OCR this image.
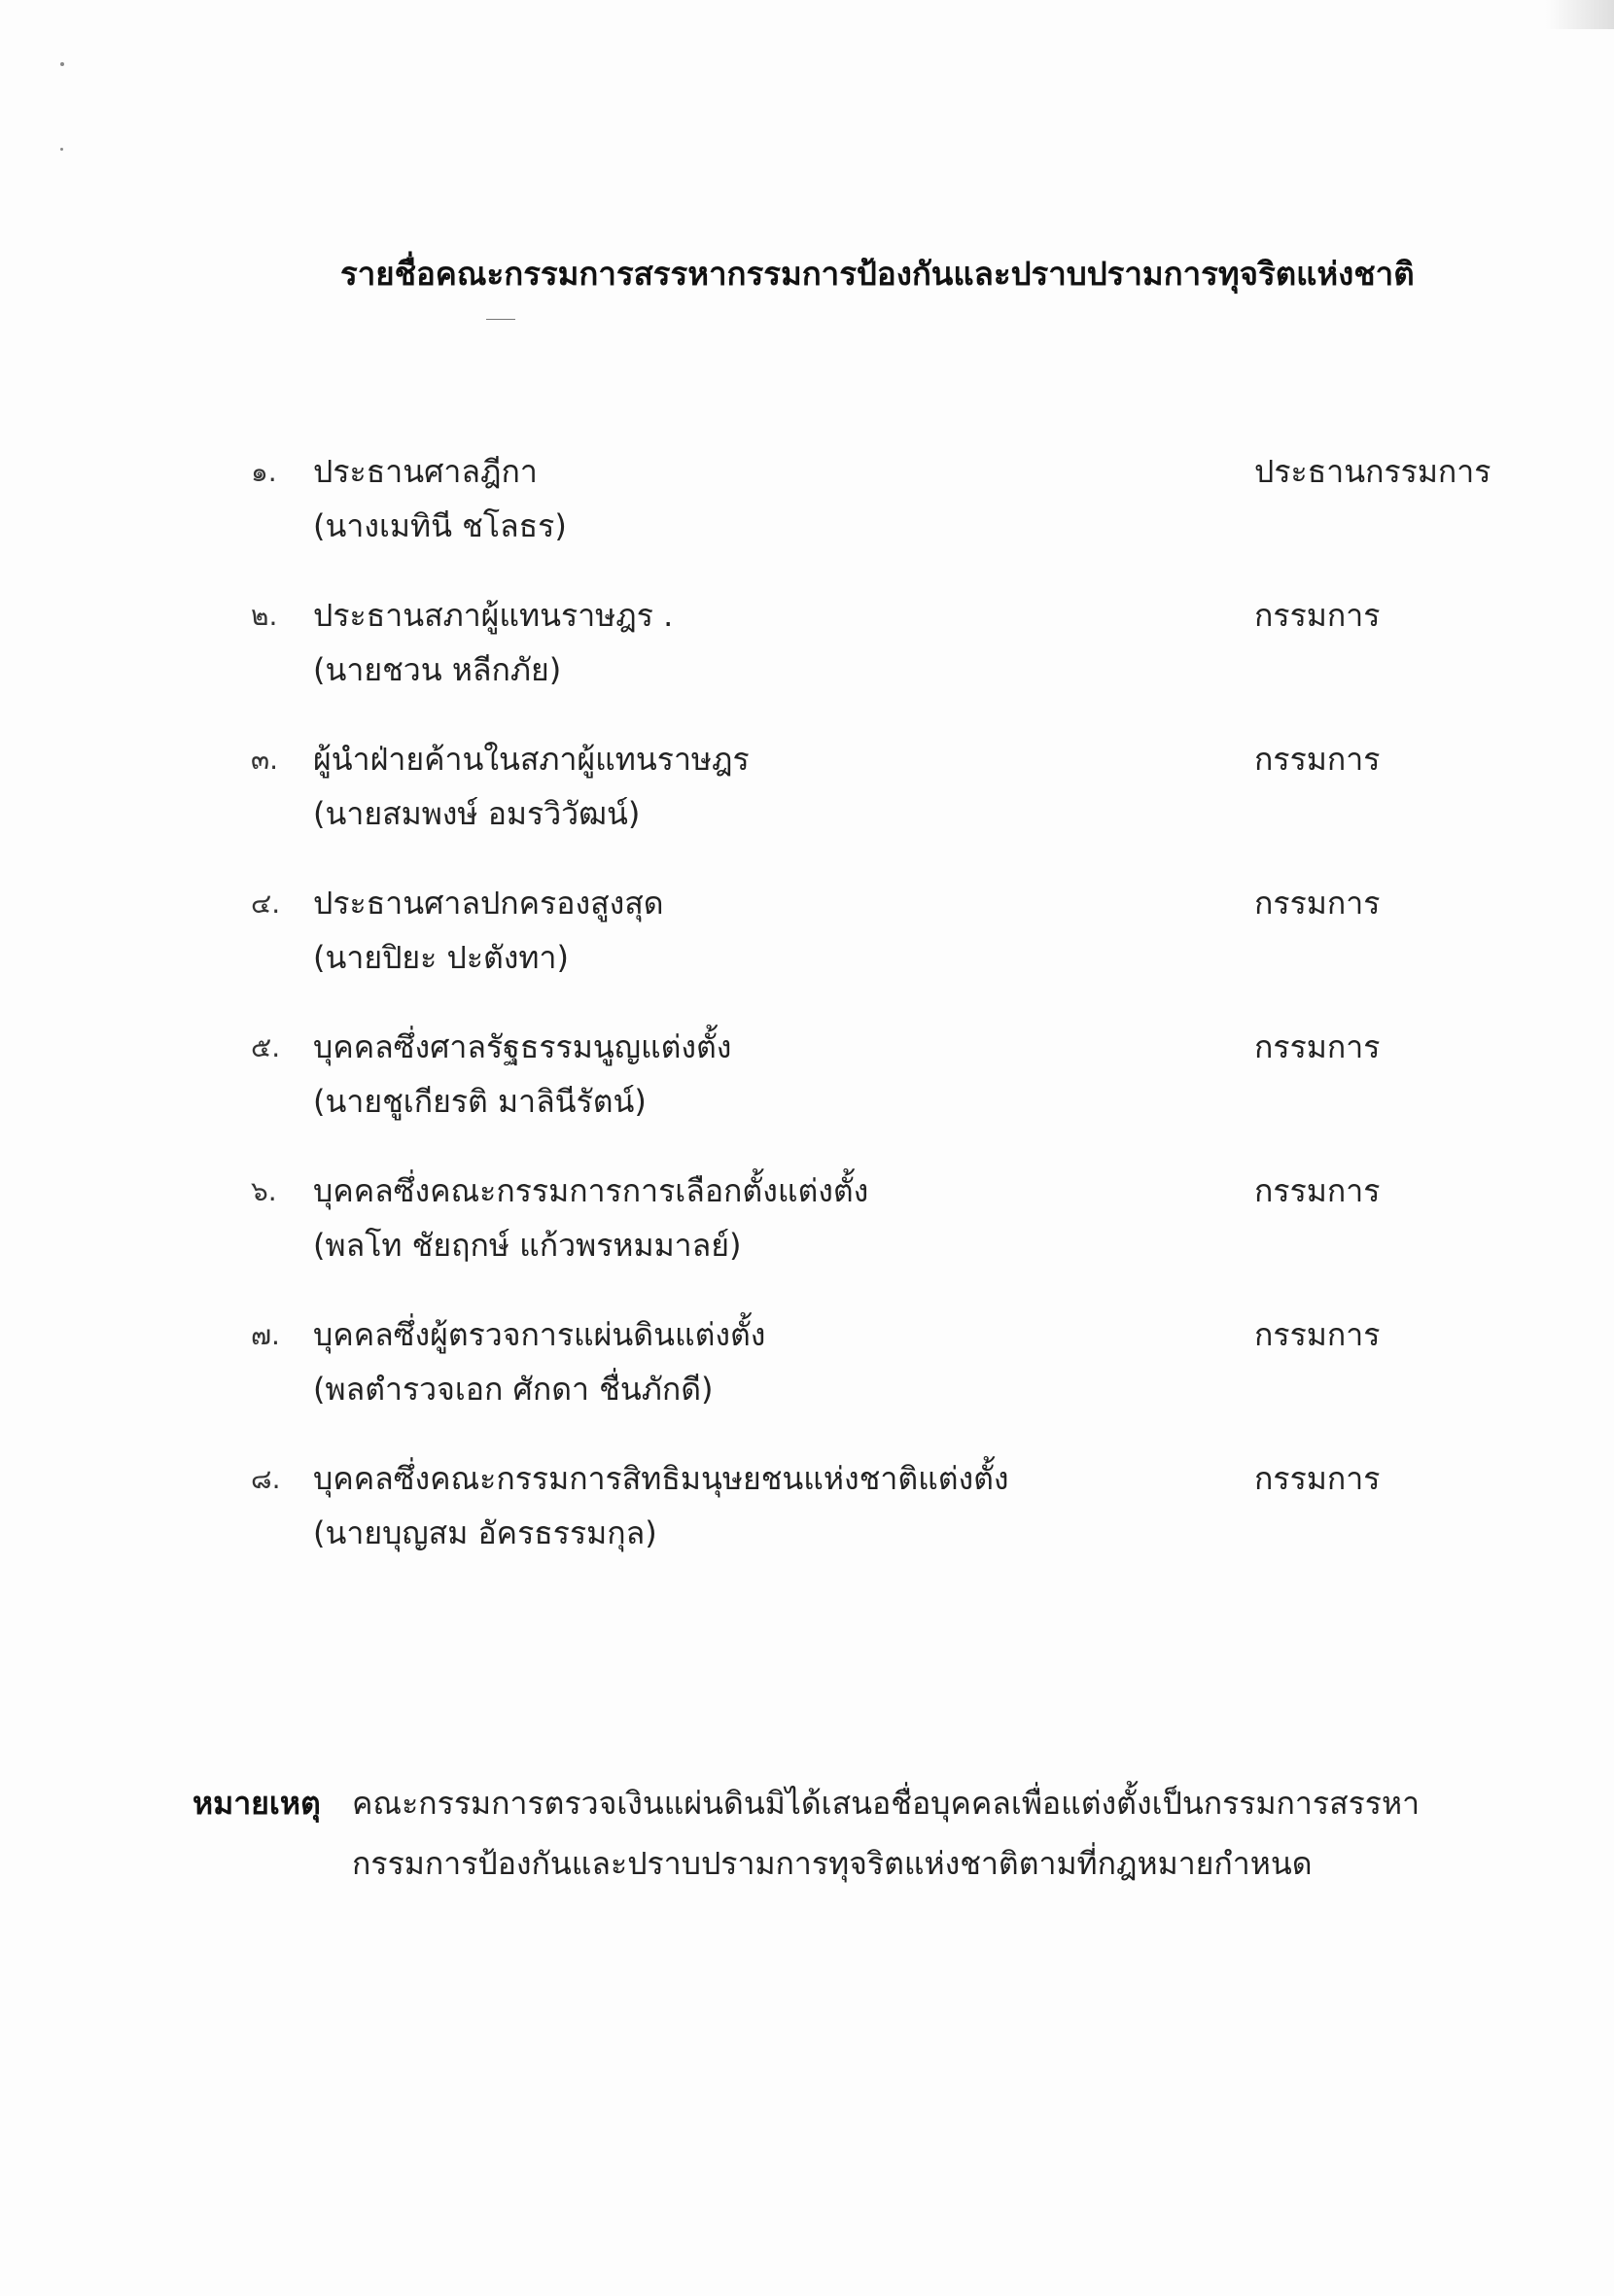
รายชื่อคณะกรรมการสรรหากรรมการป้องกันและปราบปรามการทุจริตแห่งชาติ
๑. ประธานศาลฎีกา
(นางเมทินี ชโลธร)
ประธานกรรมการ
๒. ประธานสภาผู้แทนราษฎร .
(นายชวน หลีกภัย)
กรรมการ
๓. ผู้นำฝ่ายค้านในสภาผู้แทนราษฎร
(นายสมพงษ์ อมรวิวัฒน์)
กรรมการ
๔. ประธานศาลปกครองสูงสุด
(นายปิยะ ปะตังทา)
กรรมการ
๕. บุคคลซึ่งศาลรัฐธรรมนูญแต่งตั้ง
(นายชูเกียรติ มาลินีรัตน์)
กรรมการ
๖. บุคคลซึ่งคณะกรรมการการเลือกตั้งแต่งตั้ง
(พลโท ชัยฤกษ์ แก้วพรหมมาลย์)
กรรมการ
๗. บุคคลซึ่งผู้ตรวจการแผ่นดินแต่งตั้ง
(พลตำรวจเอก ศักดา ชื่นภักดี)
กรรมการ
๘. บุคคลซึ่งคณะกรรมการสิทธิมนุษยชนแห่งชาติแต่งตั้ง
(นายบุญสม อัครธรรมกุล)
กรรมการ
หมายเหตุ คณะกรรมการตรวจเงินแผ่นดินมิได้เสนอชื่อบุคคลเพื่อแต่งตั้งเป็นกรรมการสรรหา
กรรมการป้องกันและปราบปรามการทุจริตแห่งชาติตามที่กฎหมายกำหนด
